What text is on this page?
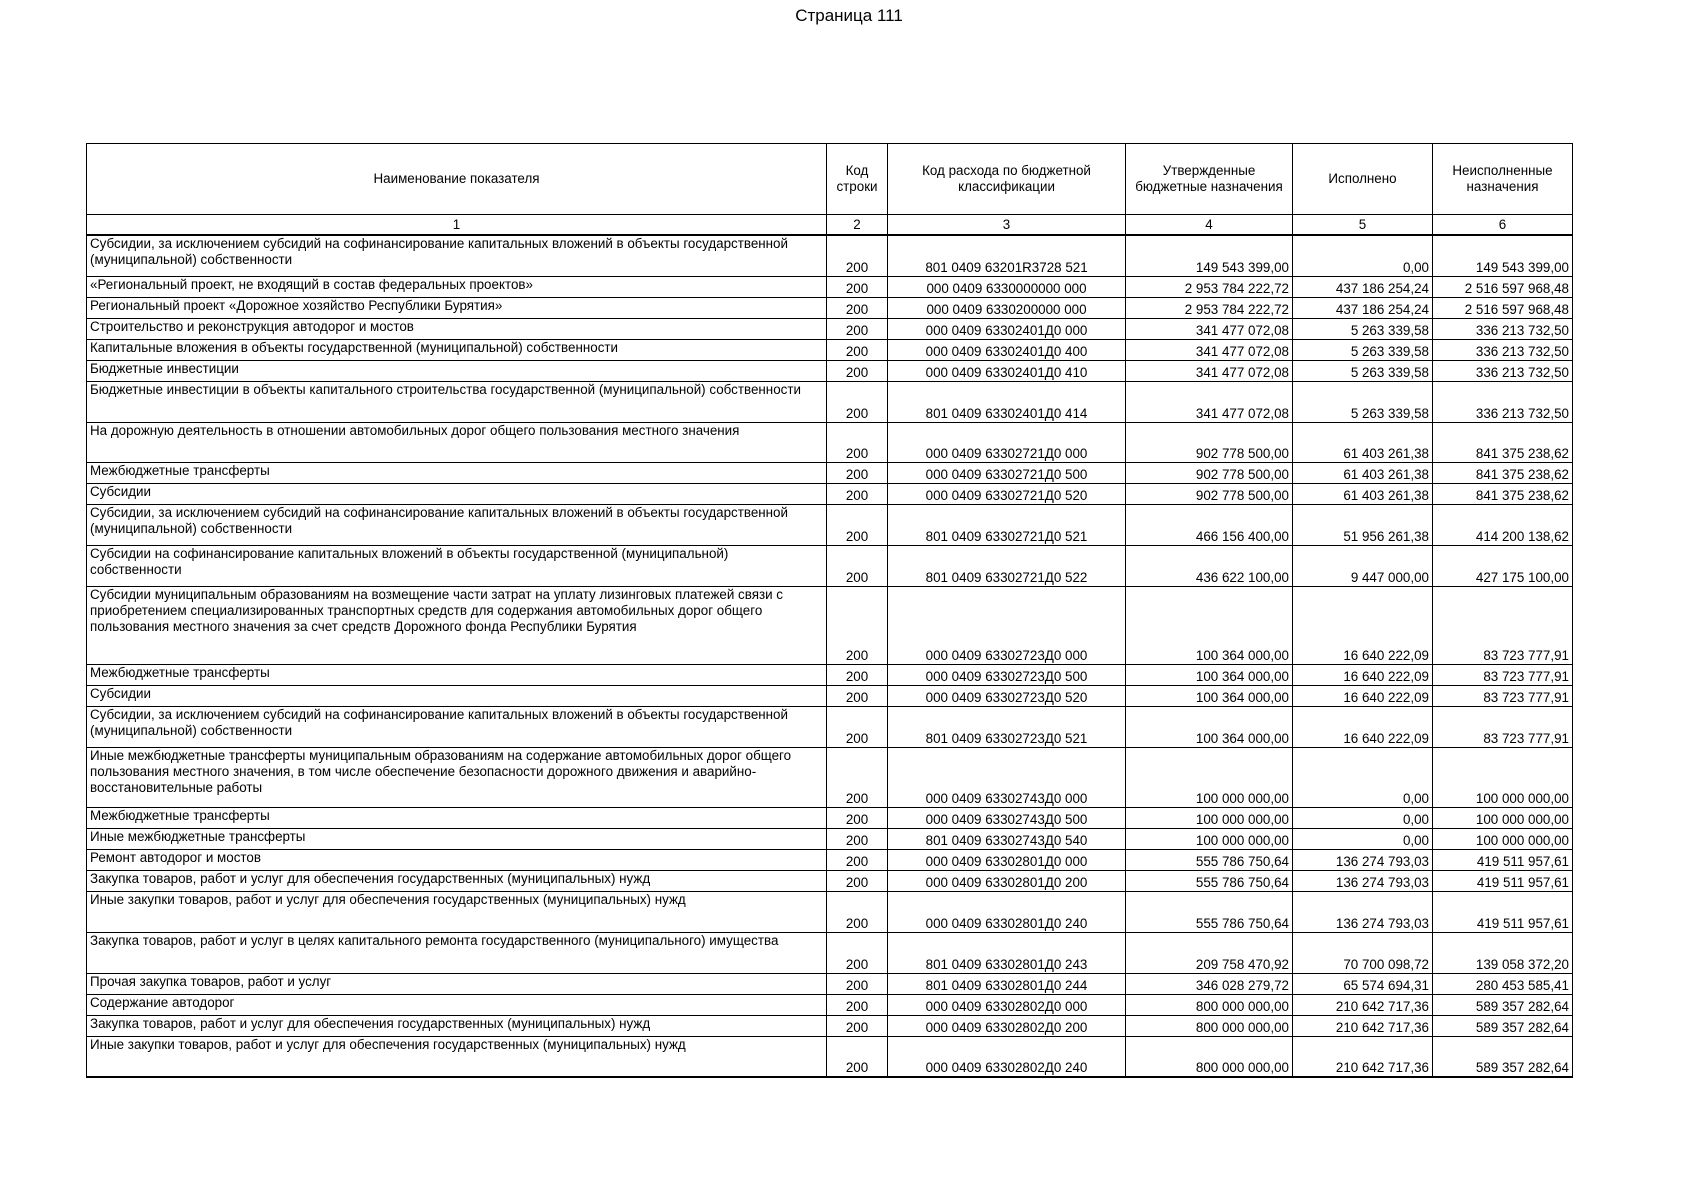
Страница 111
Наименование показателя	Код строки	Код расхода по бюджетной классификации	Утвержденные бюджетные назначения	Исполнено	Неисполненные назначения
1	2	3	4	5	6
Субсидии, за исключением субсидий на софинансирование капитальных вложений в объекты государственной (муниципальной) собственности	200	801 0409 63201R3728 521	149 543 399,00	0,00	149 543 399,00
«Региональный проект, не входящий в состав федеральных проектов»	200	000 0409 6330000000 000	2 953 784 222,72	437 186 254,24	2 516 597 968,48
Региональный проект «Дорожное хозяйство Республики Бурятия»	200	000 0409 6330200000 000	2 953 784 222,72	437 186 254,24	2 516 597 968,48
Строительство и реконструкция автодорог и мостов	200	000 0409 63302401Д0 000	341 477 072,08	5 263 339,58	336 213 732,50
Капитальные вложения в объекты государственной (муниципальной) собственности	200	000 0409 63302401Д0 400	341 477 072,08	5 263 339,58	336 213 732,50
Бюджетные инвестиции	200	000 0409 63302401Д0 410	341 477 072,08	5 263 339,58	336 213 732,50
Бюджетные инвестиции в объекты капитального строительства государственной (муниципальной) собственности	200	801 0409 63302401Д0 414	341 477 072,08	5 263 339,58	336 213 732,50
На дорожную деятельность в отношении автомобильных дорог общего пользования местного значения	200	000 0409 63302721Д0 000	902 778 500,00	61 403 261,38	841 375 238,62
Межбюджетные трансферты	200	000 0409 63302721Д0 500	902 778 500,00	61 403 261,38	841 375 238,62
Субсидии	200	000 0409 63302721Д0 520	902 778 500,00	61 403 261,38	841 375 238,62
Субсидии, за исключением субсидий на софинансирование капитальных вложений в объекты государственной (муниципальной) собственности	200	801 0409 63302721Д0 521	466 156 400,00	51 956 261,38	414 200 138,62
Субсидии на софинансирование капитальных вложений в объекты государственной (муниципальной) собственности	200	801 0409 63302721Д0 522	436 622 100,00	9 447 000,00	427 175 100,00
Субсидии муниципальным образованиям на возмещение части затрат на уплату лизинговых платежей связи с приобретением специализированных транспортных средств для содержания автомобильных дорог общего пользования местного значения за счет средств Дорожного фонда Республики Бурятия	200	000 0409 63302723Д0 000	100 364 000,00	16 640 222,09	83 723 777,91
Межбюджетные трансферты	200	000 0409 63302723Д0 500	100 364 000,00	16 640 222,09	83 723 777,91
Субсидии	200	000 0409 63302723Д0 520	100 364 000,00	16 640 222,09	83 723 777,91
Субсидии, за исключением субсидий на софинансирование капитальных вложений в объекты государственной (муниципальной) собственности	200	801 0409 63302723Д0 521	100 364 000,00	16 640 222,09	83 723 777,91
Иные межбюджетные трансферты муниципальным образованиям на содержание автомобильных дорог общего пользования местного значения, в том числе обеспечение безопасности дорожного движения и аварийно-восстановительные работы	200	000 0409 63302743Д0 000	100 000 000,00	0,00	100 000 000,00
Межбюджетные трансферты	200	000 0409 63302743Д0 500	100 000 000,00	0,00	100 000 000,00
Иные межбюджетные трансферты	200	801 0409 63302743Д0 540	100 000 000,00	0,00	100 000 000,00
Ремонт автодорог и мостов	200	000 0409 63302801Д0 000	555 786 750,64	136 274 793,03	419 511 957,61
Закупка товаров, работ и услуг для обеспечения государственных (муниципальных) нужд	200	000 0409 63302801Д0 200	555 786 750,64	136 274 793,03	419 511 957,61
Иные закупки товаров, работ и услуг для обеспечения государственных (муниципальных) нужд	200	000 0409 63302801Д0 240	555 786 750,64	136 274 793,03	419 511 957,61
Закупка товаров, работ и услуг в целях капитального ремонта государственного (муниципального) имущества	200	801 0409 63302801Д0 243	209 758 470,92	70 700 098,72	139 058 372,20
Прочая закупка товаров, работ и услуг	200	801 0409 63302801Д0 244	346 028 279,72	65 574 694,31	280 453 585,41
Содержание автодорог	200	000 0409 63302802Д0 000	800 000 000,00	210 642 717,36	589 357 282,64
Закупка товаров, работ и услуг для обеспечения государственных (муниципальных) нужд	200	000 0409 63302802Д0 200	800 000 000,00	210 642 717,36	589 357 282,64
Иные закупки товаров, работ и услуг для обеспечения государственных (муниципальных) нужд	200	000 0409 63302802Д0 240	800 000 000,00	210 642 717,36	589 357 282,64
